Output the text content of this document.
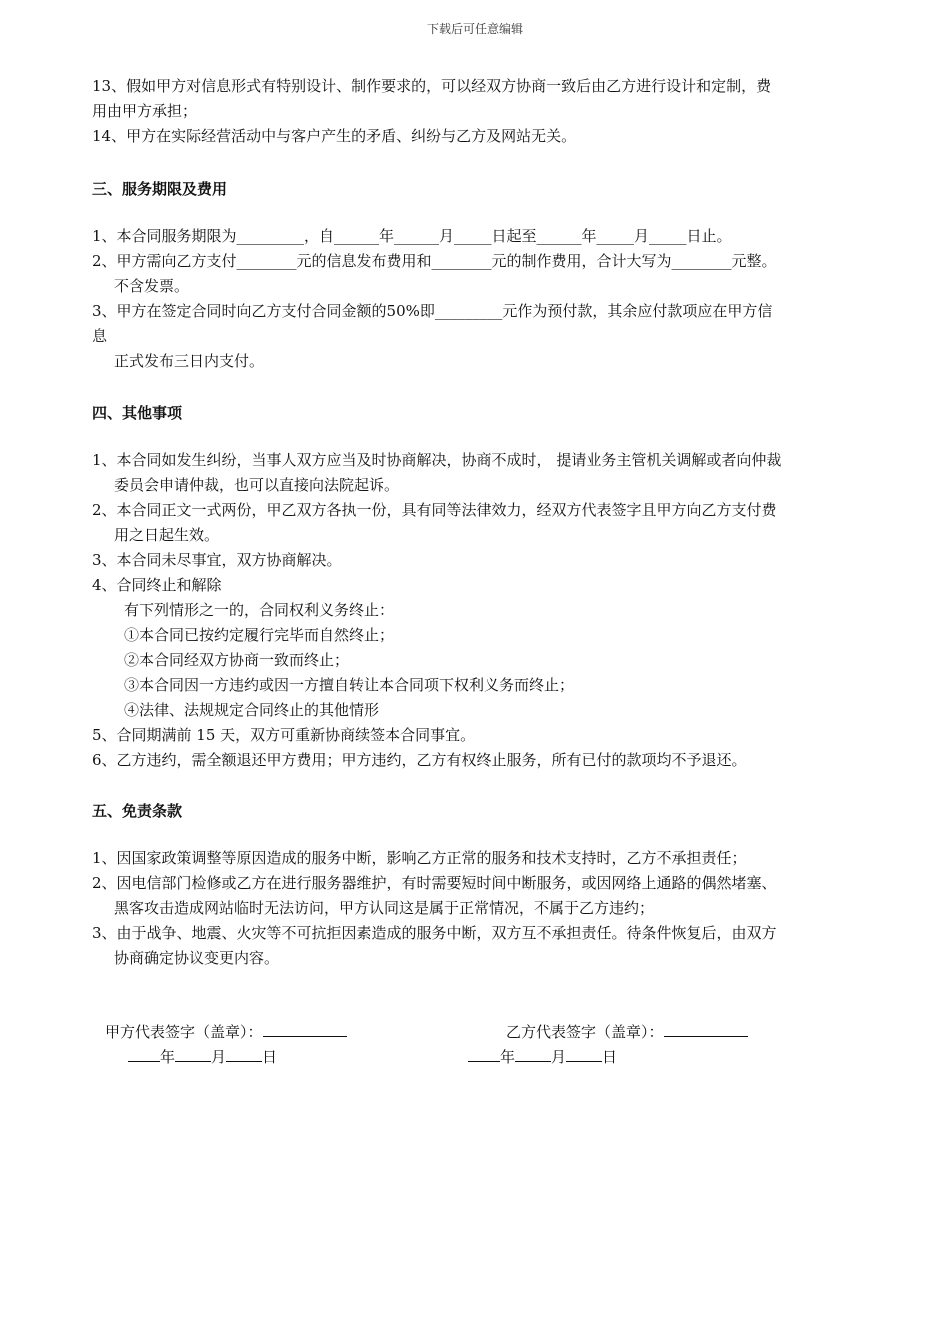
下载后可任意编辑
13、假如甲方对信息形式有特别设计、制作要求的，可以经双方协商一致后由乙方进行设计和定制，费
用由甲方承担；
14、甲方在实际经营活动中与客户产生的矛盾、纠纷与乙方及网站无关。
三、服务期限及费用
1、本合同服务期限为_________，自______年______月_____日起至______年_____月_____日止。
2、甲方需向乙方支付________元的信息发布费用和________元的制作费用，合计大写为________元整。
不含发票。
3、甲方在签定合同时向乙方支付合同金额的50%即_________元作为预付款，其余应付款项应在甲方信
息
正式发布三日内支付。
四、其他事项
1、本合同如发生纠纷，当事人双方应当及时协商解决，协商不成时， 提请业务主管机关调解或者向仲裁
委员会申请仲裁，也可以直接向法院起诉。
2、本合同正文一式两份，甲乙双方各执一份，具有同等法律效力，经双方代表签字且甲方向乙方支付费
用之日起生效。
3、本合同未尽事宜，双方协商解决。
4、合同终止和解除
有下列情形之一的，合同权利义务终止：
①本合同已按约定履行完毕而自然终止；
②本合同经双方协商一致而终止；
③本合同因一方违约或因一方擅自转让本合同项下权利义务而终止；
④法律、法规规定合同终止的其他情形
5、合同期满前 15 天，双方可重新协商续签本合同事宜。
6、乙方违约，需全额退还甲方费用；甲方违约，乙方有权终止服务，所有已付的款项均不予退还。
五、免责条款
1、因国家政策调整等原因造成的服务中断，影响乙方正常的服务和技术支持时，乙方不承担责任；
2、因电信部门检修或乙方在进行服务器维护，有时需要短时间中断服务，或因网络上通路的偶然堵塞、
黑客攻击造成网站临时无法访问，甲方认同这是属于正常情况，不属于乙方违约；
3、由于战争、地震、火灾等不可抗拒因素造成的服务中断，双方互不承担责任。待条件恢复后，由双方
协商确定协议变更内容。
甲方代表签字（盖章）：
年 月 日
乙方代表签字（盖章）：
年 月 日
